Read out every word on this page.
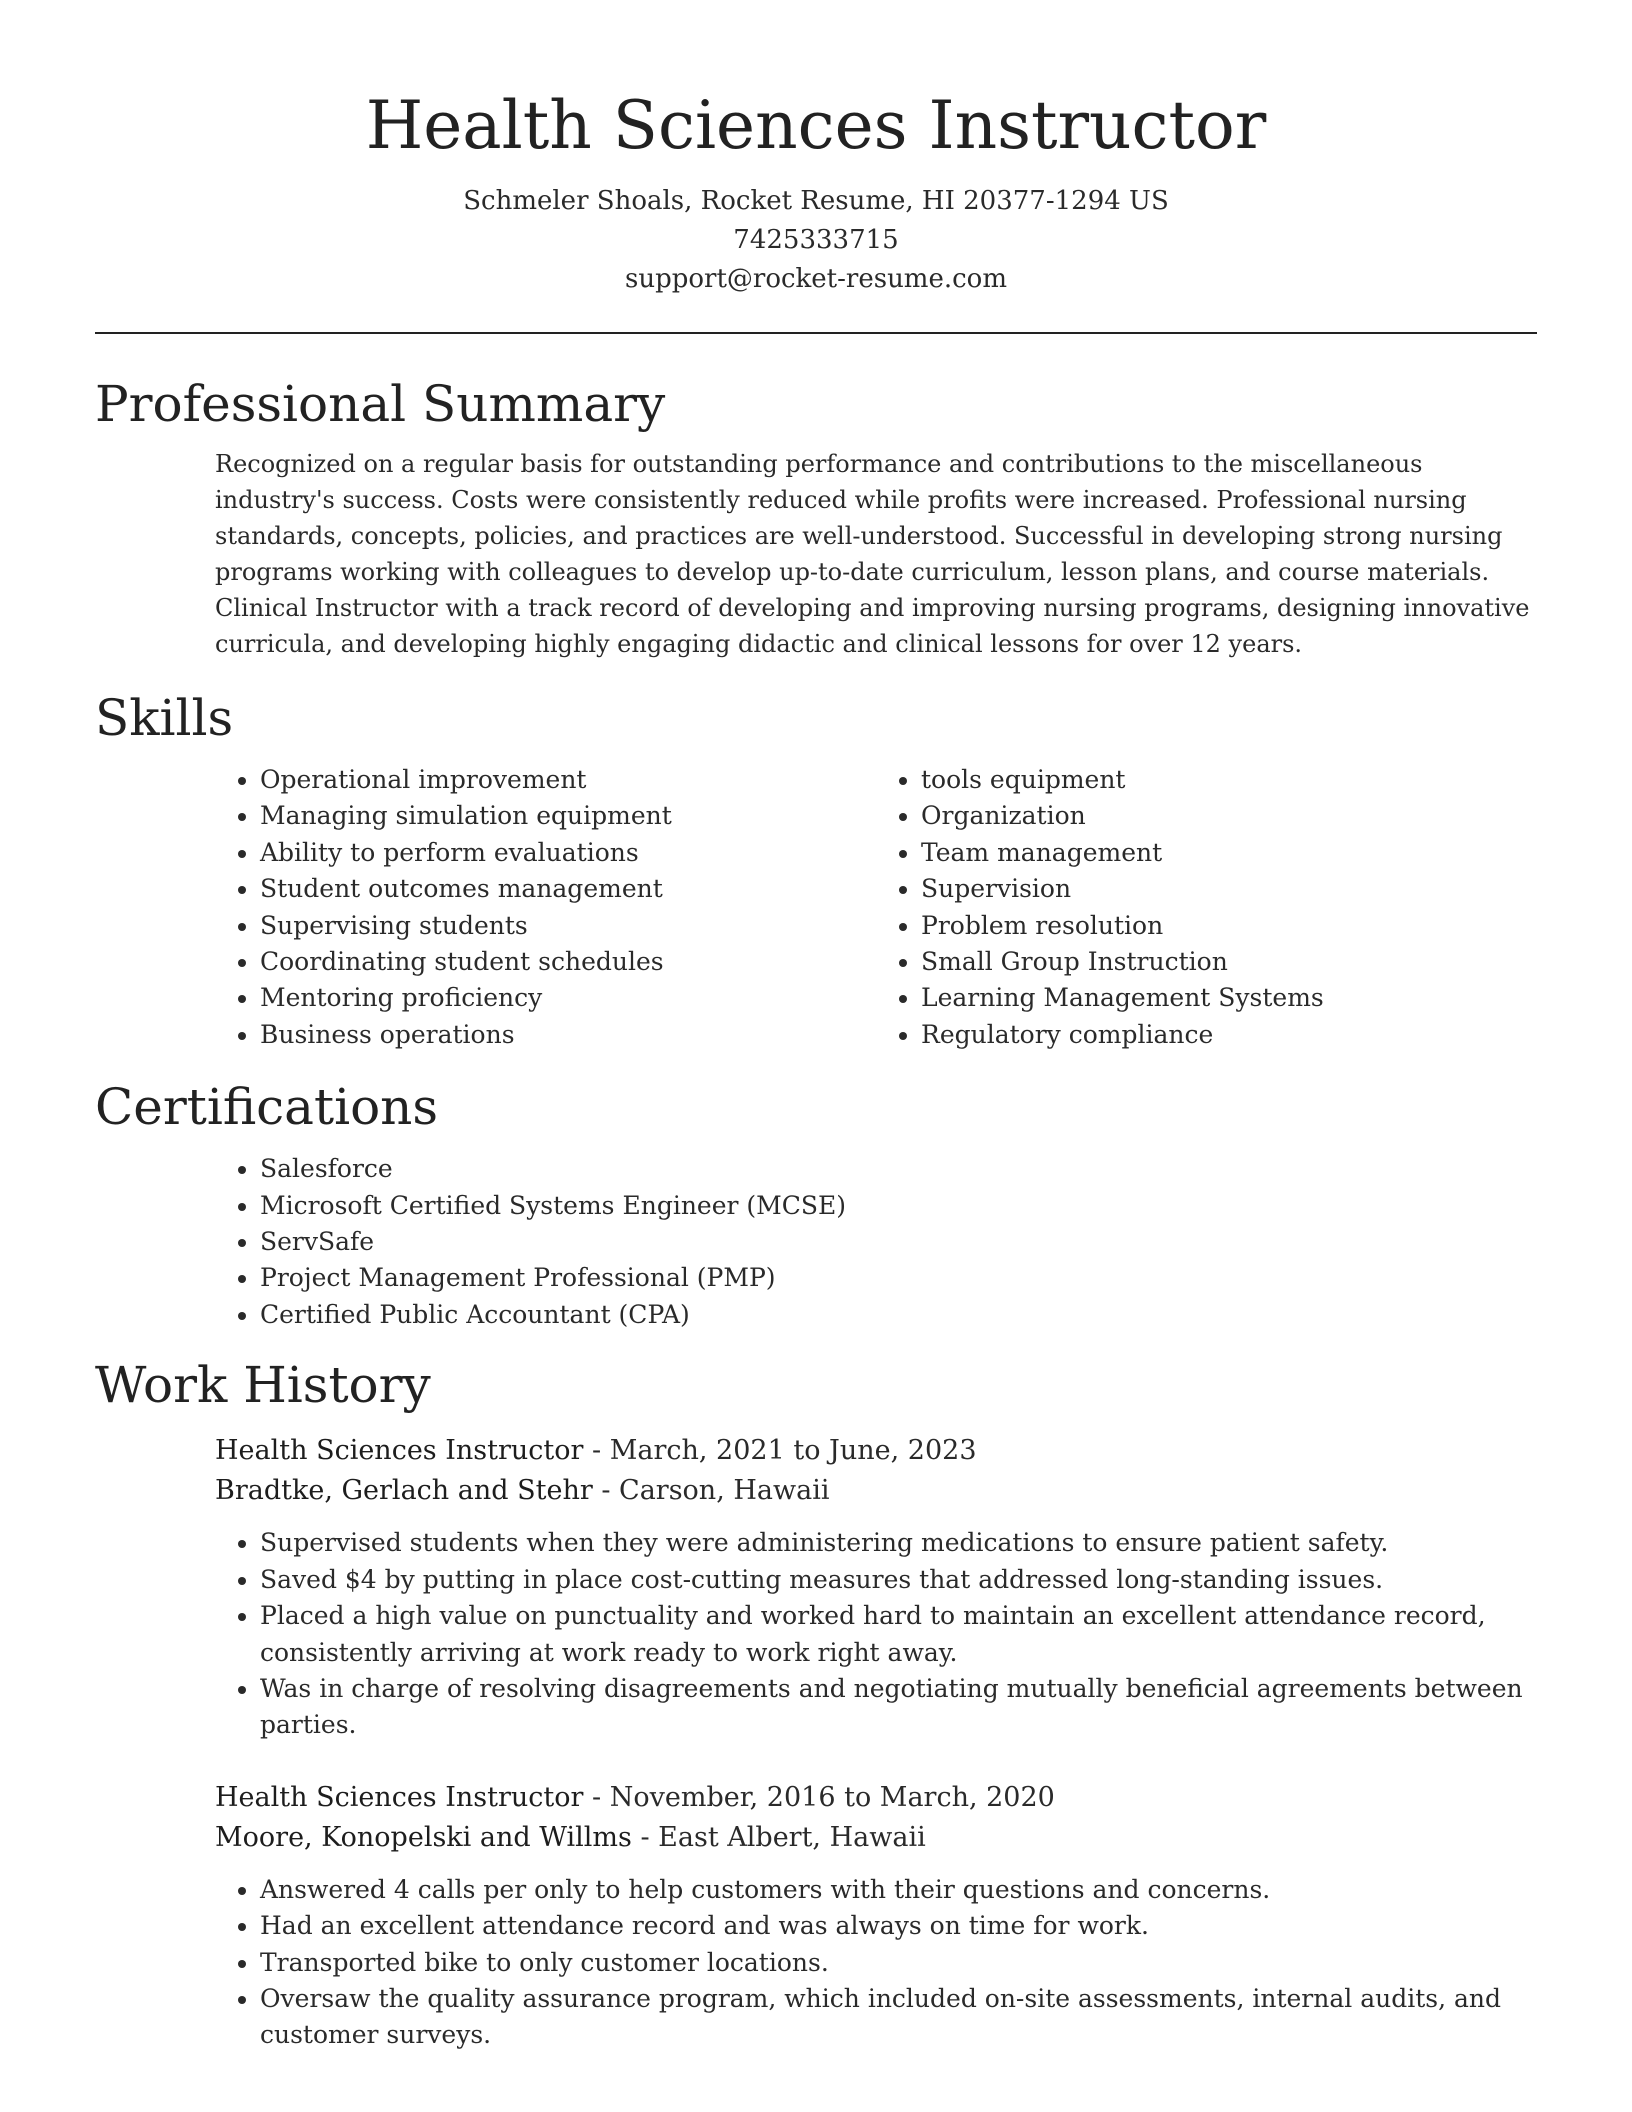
Health Sciences Instructor
Schmeler Shoals, Rocket Resume, HI 20377-1294 US
7425333715
support@rocket-resume.com
Professional Summary

Recognized on a regular basis for outstanding performance and contributions to the miscellaneous industry's success. Costs were consistently reduced while profits were increased. Professional nursing standards, concepts, policies, and practices are well-understood. Successful in developing strong nursing programs working with colleagues to develop up-to-date curriculum, lesson plans, and course materials. Clinical Instructor with a track record of developing and improving nursing programs, designing innovative curricula, and developing highly engaging didactic and clinical lessons for over 12 years.

Skills
• Operational improvement
• Managing simulation equipment
• Ability to perform evaluations
• Student outcomes management
• Supervising students
• Coordinating student schedules
• Mentoring proficiency
• Business operations
• tools equipment
• Organization
• Team management
• Supervision
• Problem resolution
• Small Group Instruction
• Learning Management Systems
• Regulatory compliance
Certifications
• Salesforce
• Microsoft Certified Systems Engineer (MCSE)
• ServSafe
• Project Management Professional (PMP)
• Certified Public Accountant (CPA)
Work History

Health Sciences Instructor - March, 2021 to June, 2023

Bradtke, Gerlach and Stehr - Carson, Hawaii

• Supervised students when they were administering medications to ensure patient safety.
• Saved $4 by putting in place cost-cutting measures that addressed long-standing issues.
• Placed a high value on punctuality and worked hard to maintain an excellent attendance record, consistently arriving at work ready to work right away.
• Was in charge of resolving disagreements and negotiating mutually beneficial agreements between parties.

Health Sciences Instructor - November, 2016 to March, 2020

Moore, Konopelski and Willms - East Albert, Hawaii

• Answered 4 calls per only to help customers with their questions and concerns.
• Had an excellent attendance record and was always on time for work.
• Transported bike to only customer locations.
• Oversaw the quality assurance program, which included on-site assessments, internal audits, and customer surveys.
